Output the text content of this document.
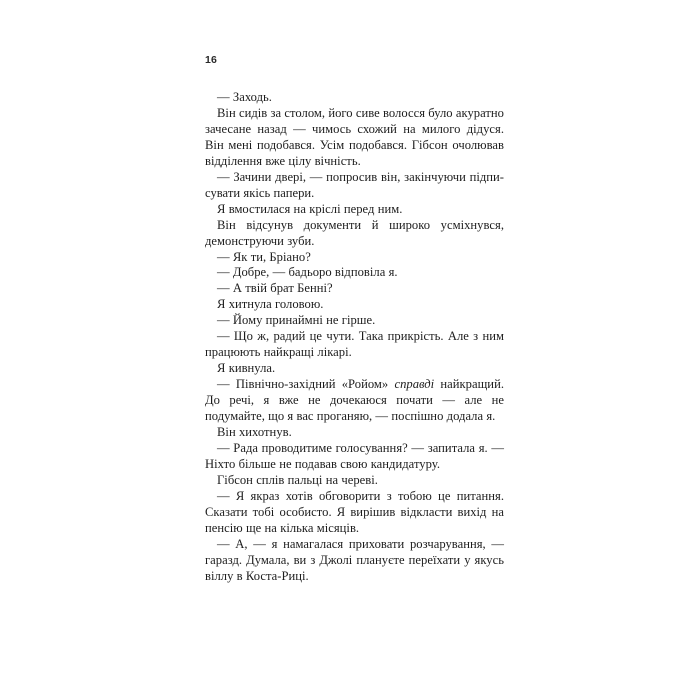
16

— Заходь.

Він сидів за столом, його сиве волосся було акуратно зачесане назад — чимось схожий на милого дідуся. Він мені подобався. Усім подобався. Гібсон очолював відділення вже цілу вічність.

— Зачини двері, — попросив він, закінчуючи підписувати якісь папери.

Я вмостилася на кріслі перед ним.

Він відсунув документи й широко усміхнувся, демонструючи зуби.

— Як ти, Бріано?

— Добре, — бадьоро відповіла я.

— А твій брат Бенні?

Я хитнула головою.

— Йому принаймні не гірше.

— Що ж, радий це чути. Така прикрість. Але з ним працюють найкращі лікарі.

Я кивнула.

— Північно-західний «Ройом» справді найкращий. До речі, я вже не дочекаюся почати — але не подумайте, що я вас проганяю, — поспішно додала я.

Він хихотнув.

— Рада проводитиме голосування? — запитала я. — Ніхто більше не подавав свою кандидатуру.

Гібсон сплів пальці на череві.

— Я якраз хотів обговорити з тобою це питання. Сказати тобі особисто. Я вирішив відкласти вихід на пенсію ще на кілька місяців.

— А, — я намагалася приховати розчарування, — гаразд. Думала, ви з Джолі плануєте переїхати у якусь віллу в Коста-Риці.
